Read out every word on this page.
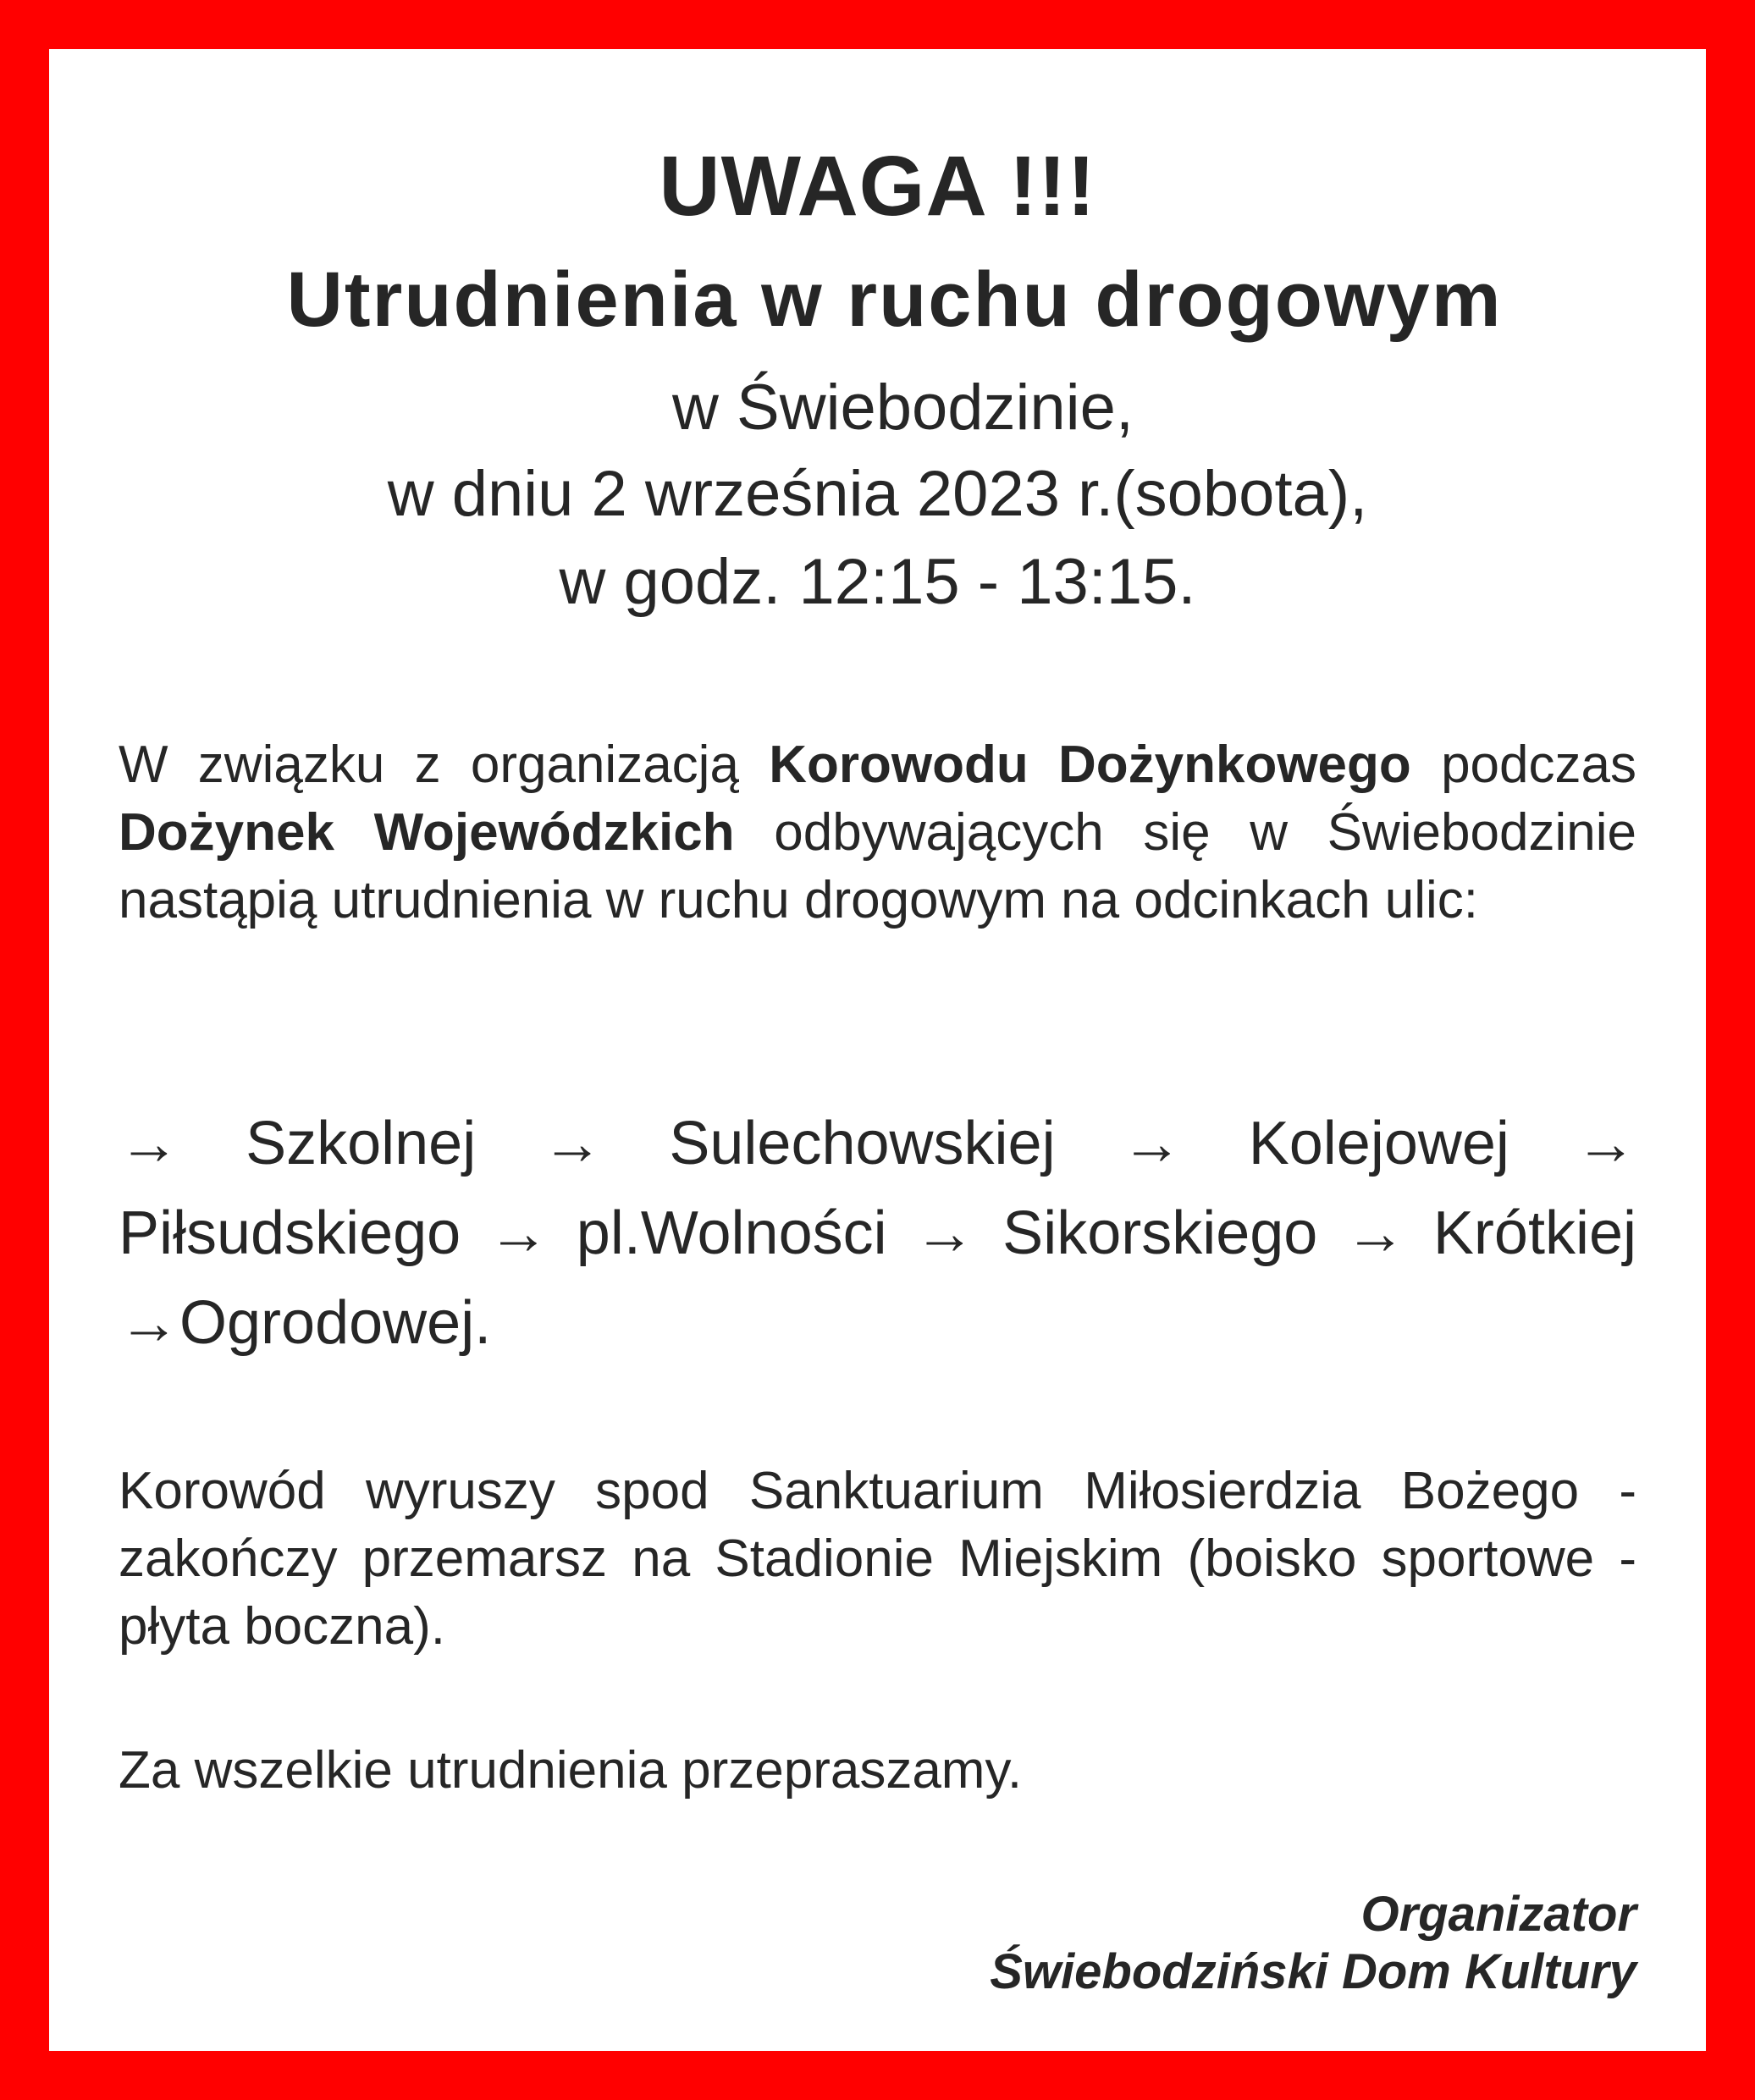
UWAGA !!!
Utrudnienia w ruchu drogowym

w Świebodzinie,

w dniu 2 września 2023 r.(sobota),

w godz. 12:15 - 13:15.

W związku z organizacją Korowodu Dożynkowego podczas Dożynek Wojewódzkich odbywających się w Świebodzinie nastąpią utrudnienia w ruchu drogowym na odcinkach ulic:

→ Szkolnej → Sulechowskiej → Kolejowej → Piłsudskiego → pl.Wolności → Sikorskiego → Krótkiej →Ogrodowej.

Korowód wyruszy spod Sanktuarium Miłosierdzia Bożego - zakończy przemarsz na Stadionie Miejskim (boisko sportowe - płyta boczna).

Za wszelkie utrudnienia przepraszamy.

Organizator
Świebodziński Dom Kultury
